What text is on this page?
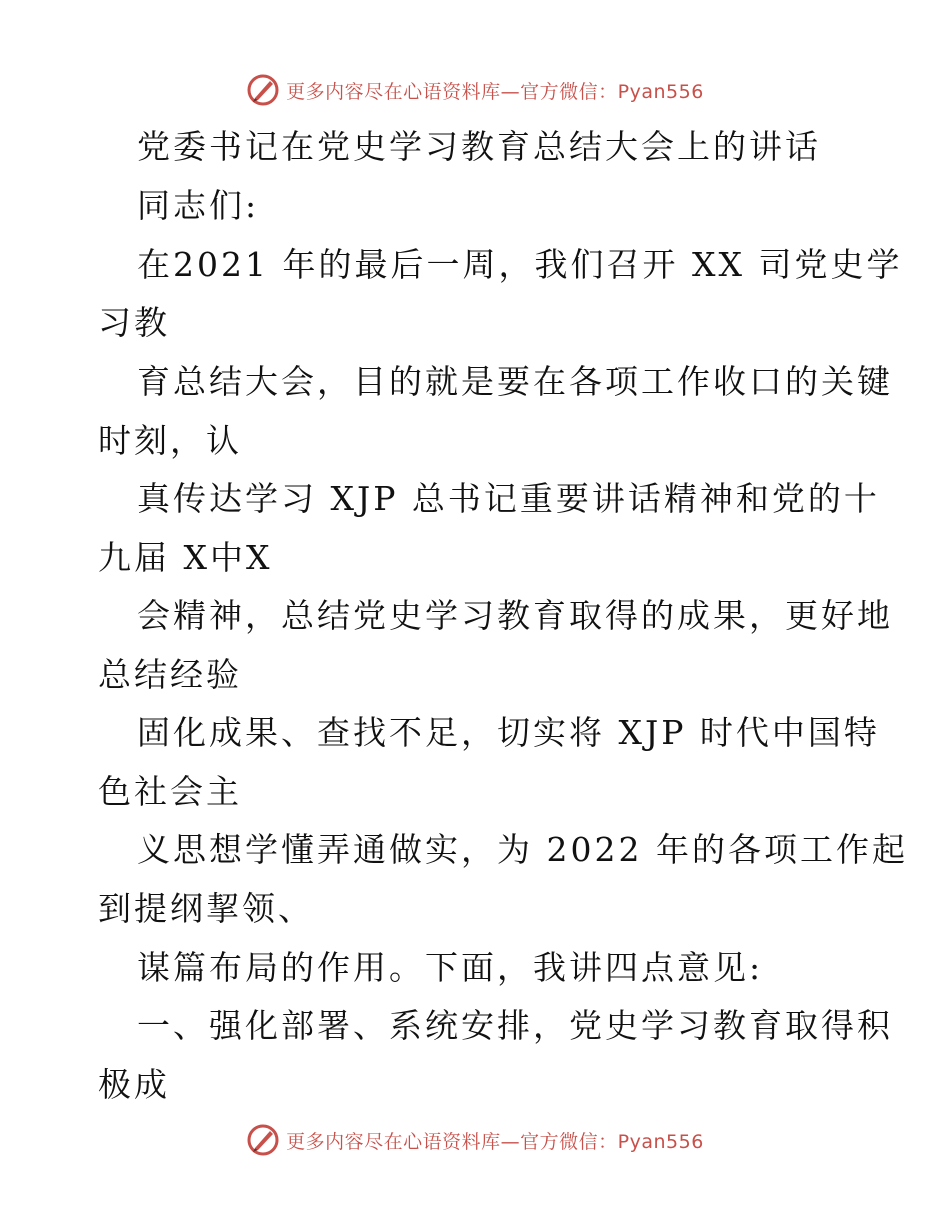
更多内容尽在心语资料库—官方微信：Pyan556
党委书记在党史学习教育总结大会上的讲话
同志们:
在2021 年的最后一周，我们召开 XX 司党史学
习教
育总结大会，目的就是要在各项工作收口的关键
时刻，认
真传达学习 XJP 总书记重要讲话精神和党的十
九届 X中X
会精神，总结党史学习教育取得的成果，更好地
总结经验
固化成果、查找不足，切实将 XJP 时代中国特
色社会主
义思想学懂弄通做实，为 2022 年的各项工作起
到提纲挈领、
谋篇布局的作用。下面，我讲四点意见:
一、强化部署、系统安排，党史学习教育取得积
极成
更多内容尽在心语资料库—官方微信：Pyan556
